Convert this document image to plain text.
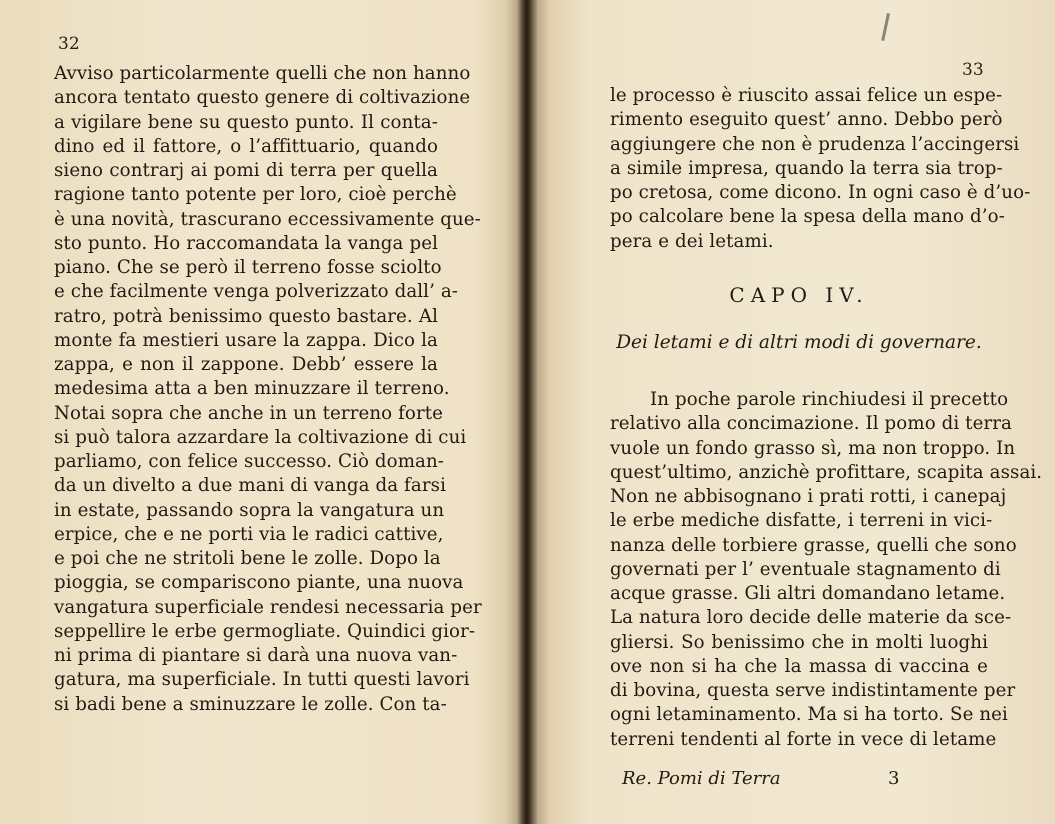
32
Avviso particolarmente quelli che non hanno
ancora tentato questo genere di coltivazione
a vigilare bene su questo punto. Il conta-
dino ed il fattore, o l’affittuario, quando
sieno contrarj ai pomi di terra per quella
ragione tanto potente per loro, cioè perchè
è una novità, trascurano eccessivamente que-
sto punto. Ho raccomandata la vanga pel
piano. Che se però il terreno fosse sciolto
e che facilmente venga polverizzato dall’ a-
ratro, potrà benissimo questo bastare. Al
monte fa mestieri usare la zappa. Dico la
zappa, e non il zappone. Debb’ essere la
medesima atta a ben minuzzare il terreno.
Notai sopra che anche in un terreno forte
si può talora azzardare la coltivazione di cui
parliamo, con felice successo. Ciò doman-
da un divelto a due mani di vanga da farsi
in estate, passando sopra la vangatura un
erpice, che e ne porti via le radici cattive,
e poi che ne stritoli bene le zolle. Dopo la
pioggia, se compariscono piante, una nuova
vangatura superficiale rendesi necessaria per
seppellire le erbe germogliate. Quindici gior-
ni prima di piantare si darà una nuova van-
gatura, ma superficiale. In tutti questi lavori
si badi bene a sminuzzare le zolle. Con ta-
33
le processo è riuscito assai felice un espe-
rimento eseguito quest’ anno. Debbo però
aggiungere che non è prudenza l’accingersi
a simile impresa, quando la terra sia trop-
po cretosa, come dicono. In ogni caso è d’uo-
po calcolare bene la spesa della mano d’o-
pera e dei letami.
CAPO IV.
Dei letami e di altri modi di governare.
In poche parole rinchiudesi il precetto
relativo alla concimazione. Il pomo di terra
vuole un fondo grasso sì, ma non troppo. In
quest’ultimo, anzichè profittare, scapita assai.
Non ne abbisognano i prati rotti, i canepaj
le erbe mediche disfatte, i terreni in vici-
nanza delle torbiere grasse, quelli che sono
governati per l’ eventuale stagnamento di
acque grasse. Gli altri domandano letame.
La natura loro decide delle materie da sce-
gliersi. So benissimo che in molti luoghi
ove non si ha che la massa di vaccina e
di bovina, questa serve indistintamente per
ogni letaminamento. Ma si ha torto. Se nei
terreni tendenti al forte in vece di letame
Re. Pomi di Terra	3
